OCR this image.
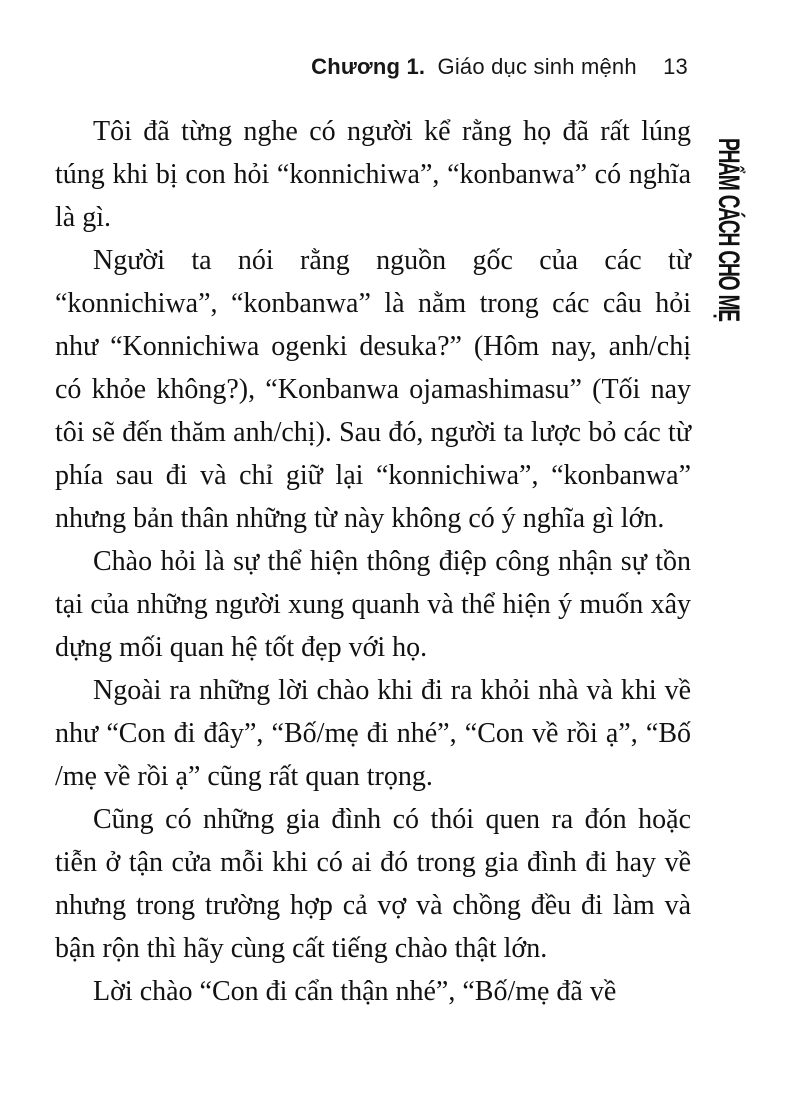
Chương 1. Giáo dục sinh mệnh 13
PHẨM CÁCH CHO MẸ

Tôi đã từng nghe có người kể rằng họ đã rất lúng túng khi bị con hỏi “konnichiwa”, “konbanwa” có nghĩa là gì.

Người ta nói rằng nguồn gốc của các từ “konnichiwa”, “konbanwa” là nằm trong các câu hỏi như “Konnichiwa ogenki desuka?” (Hôm nay, anh/chị có khỏe không?), “Konbanwa ojamashimasu” (Tối nay tôi sẽ đến thăm anh/chị). Sau đó, người ta lược bỏ các từ phía sau đi và chỉ giữ lại “konnichiwa”, “konbanwa” nhưng bản thân những từ này không có ý nghĩa gì lớn.

Chào hỏi là sự thể hiện thông điệp công nhận sự tồn tại của những người xung quanh và thể hiện ý muốn xây dựng mối quan hệ tốt đẹp với họ.

Ngoài ra những lời chào khi đi ra khỏi nhà và khi về như “Con đi đây”, “Bố/mẹ đi nhé”, “Con về rồi ạ”, “Bố /mẹ về rồi ạ” cũng rất quan trọng.

Cũng có những gia đình có thói quen ra đón hoặc tiễn ở tận cửa mỗi khi có ai đó trong gia đình đi hay về nhưng trong trường hợp cả vợ và chồng đều đi làm và bận rộn thì hãy cùng cất tiếng chào thật lớn.

Lời chào “Con đi cẩn thận nhé”, “Bố/mẹ đã về
